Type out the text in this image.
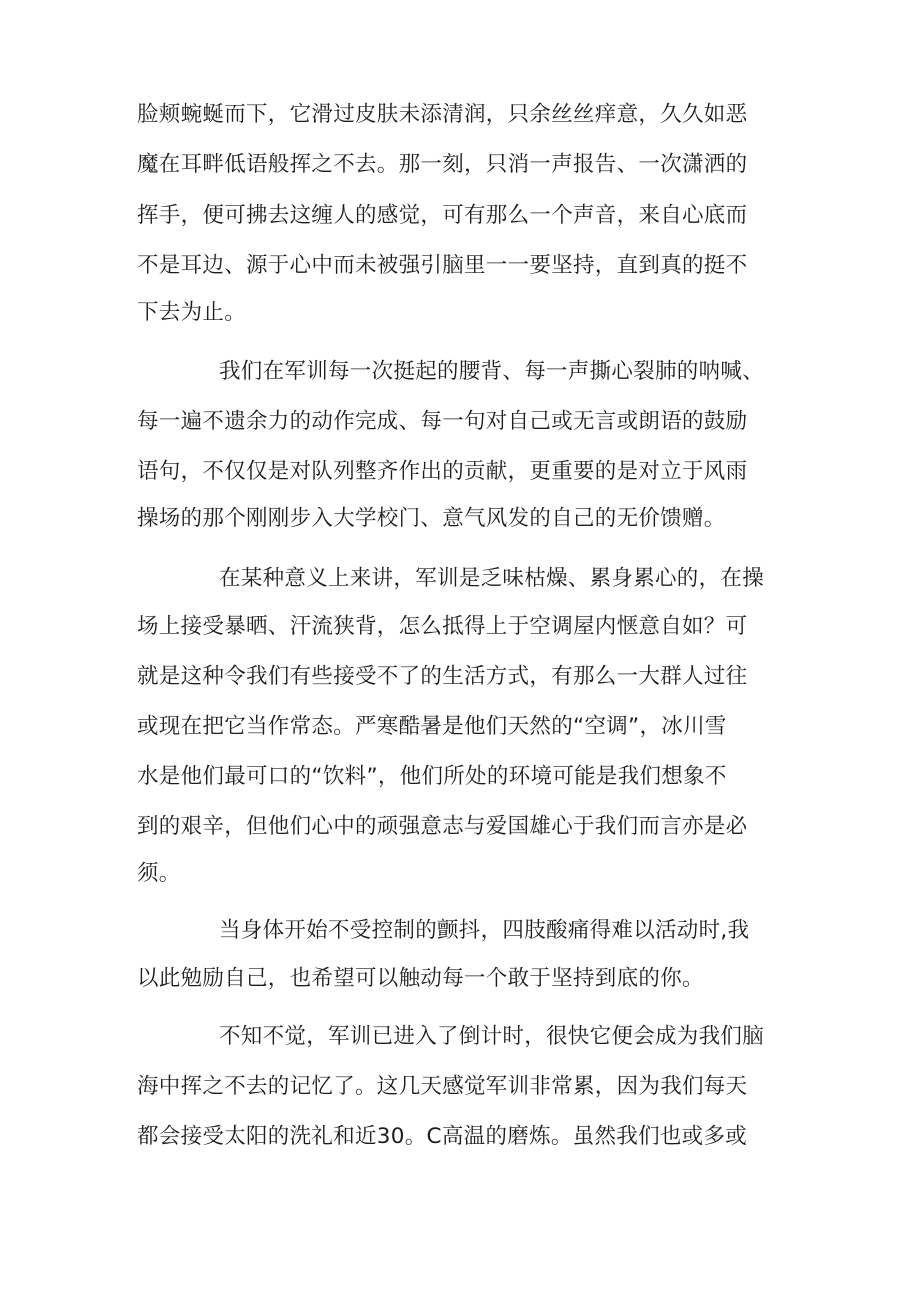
脸颊蜿蜒而下，它滑过皮肤未添清润，只余丝丝痒意，久久如恶
魔在耳畔低语般挥之不去。那一刻，只消一声报告、一次潇洒的
挥手，便可拂去这缠人的感觉，可有那么一个声音，来自心底而
不是耳边、源于心中而未被强引脑里一一要坚持，直到真的挺不
下去为止。
我们在军训每一次挺起的腰背、每一声撕心裂肺的呐喊、
每一遍不遗余力的动作完成、每一句对自己或无言或朗语的鼓励
语句，不仅仅是对队列整齐作出的贡献，更重要的是对立于风雨
操场的那个刚刚步入大学校门、意气风发的自己的无价馈赠。
在某种意义上来讲，军训是乏味枯燥、累身累心的，在操
场上接受暴晒、汗流狭背，怎么抵得上于空调屋内惬意自如？可
就是这种令我们有些接受不了的生活方式，有那么一大群人过往
或现在把它当作常态。严寒酷暑是他们天然的“空调”，冰川雪
水是他们最可口的“饮料”，他们所处的环境可能是我们想象不
到的艰辛，但他们心中的顽强意志与爱国雄心于我们而言亦是必
须。
当身体开始不受控制的颤抖，四肢酸痛得难以活动时,我
以此勉励自己，也希望可以触动每一个敢于坚持到底的你。
不知不觉，军训已进入了倒计时，很快它便会成为我们脑
海中挥之不去的记忆了。这几天感觉军训非常累，因为我们每天
都会接受太阳的洗礼和近30。C高温的磨炼。虽然我们也或多或
